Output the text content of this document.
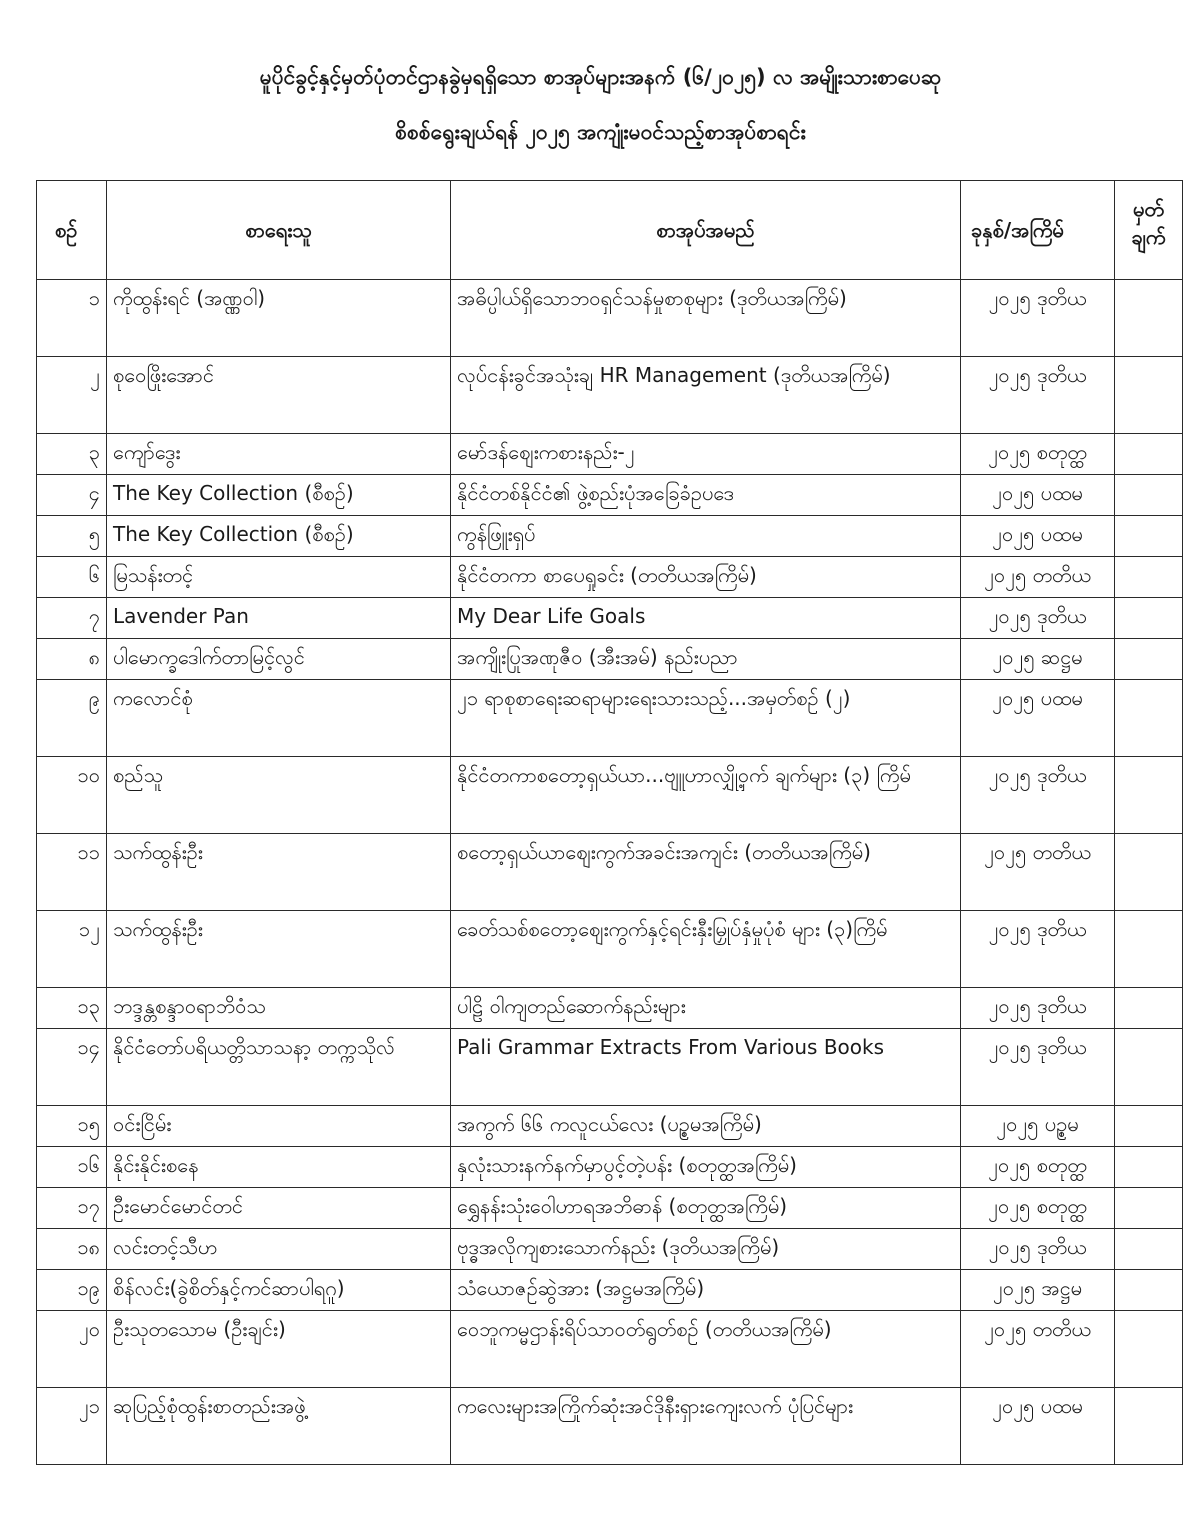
မူပိုင်ခွင့်နှင့်မှတ်ပုံတင်ဌာနခွဲမှရရှိသော စာအုပ်များအနက် (၆/၂၀၂၅) လ အမျိုးသားစာပေဆု
စိစစ်ရွေးချယ်ရန် ၂၀၂၅ အကျုံးမဝင်သည့်စာအုပ်စာရင်း
စဉ်	စာရေးသူ	စာအုပ်အမည်	ခုနှစ်/အကြိမ်	မှတ် ချက်
၁	ကိုထွန်းရင် (အဏ္ဏဝါ)	အဓိပ္ပါယ်ရှိသောဘဝရှင်သန်မှုစာစုများ (ဒုတိယအကြိမ်)	၂၀၂၅ ဒုတိယ	
၂	စုဝေဖြိုးအောင်	လုပ်ငန်းခွင်အသုံးချ HR Management (ဒုတိယအကြိမ်)	၂၀၂၅ ဒုတိယ	
၃	ကျော်ဒွေး	မော်ဒန်စျေးကစားနည်း-၂	၂၀၂၅ စတုတ္ထ	
၄	The Key Collection (စီစဉ်)	နိုင်ငံတစ်နိုင်ငံ၏ ဖွဲ့စည်းပုံအခြေခံဥပဒေ	၂၀၂၅ ပထမ	
၅	The Key Collection (စီစဉ်)	ကွန်ဖြူးရှပ်	၂၀၂၅ ပထမ	
၆	မြသန်းတင့်	နိုင်ငံတကာ စာပေရှုခင်း (တတိယအကြိမ်)	၂၀၂၅ တတိယ	
၇	Lavender Pan	My Dear Life Goals	၂၀၂၅ ဒုတိယ	
၈	ပါမောက္ခဒေါက်တာမြင့်လွင်	အကျိုးပြုအဏုဇီဝ (အီးအမ်) နည်းပညာ	၂၀၂၅ ဆဋ္ဌမ	
၉	ကလောင်စုံ	၂၁ ရာစုစာရေးဆရာများရေးသားသည့်...အမှတ်စဉ် (၂)	၂၀၂၅ ပထမ	
၁၀	စည်သူ	နိုင်ငံတကာစတော့ရှယ်ယာ...ဗျူဟာလျှို့ဝှက် ချက်များ (၃) ကြိမ်	၂၀၂၅ ဒုတိယ	
၁၁	သက်ထွန်းဦး	စတော့ရှယ်ယာစျေးကွက်အခင်းအကျင်း (တတိယအကြိမ်)	၂၀၂၅ တတိယ	
၁၂	သက်ထွန်းဦး	ခေတ်သစ်စတော့စျေးကွက်နှင့်ရင်းနှီးမြှုပ်နှံမှုပုံစံ များ (၃)ကြိမ်	၂၀၂၅ ဒုတိယ	
၁၃	ဘဒ္ဒန္တစန္ဒာဝရာဘိဝံသ	ပါဠိ ဝါကျတည်ဆောက်နည်းများ	၂၀၂၅ ဒုတိယ	
၁၄	နိုင်ငံတော်ပရိယတ္တိသာသနာ့ တက္ကသိုလ်	Pali Grammar Extracts From Various Books	၂၀၂၅ ဒုတိယ	
၁၅	ဝင်းငြိမ်း	အကွက် ၆၆ ကလူငယ်လေး (ပဉ္စမအကြိမ်)	၂၀၂၅ ပဉ္စမ	
၁၆	နိုင်းနိုင်းစနေ	နှလုံးသားနက်နက်မှာပွင့်တဲ့ပန်း (စတုတ္ထအကြိမ်)	၂၀၂၅ စတုတ္ထ	
၁၇	ဦးမောင်မောင်တင်	ရွှေနန်းသုံးဝေါဟာရအဘိဓာန် (စတုတ္ထအကြိမ်)	၂၀၂၅ စတုတ္ထ	
၁၈	လင်းတင့်သီဟ	ဗုဒ္ဓအလိုကျစားသောက်နည်း (ဒုတိယအကြိမ်)	၂၀၂၅ ဒုတိယ	
၁၉	စိန်လင်း(ခွဲစိတ်နှင့်ကင်ဆာပါရဂူ)	သံယောဇဉ်ဆွဲအား (အဋ္ဌမအကြိမ်)	၂၀၂၅ အဋ္ဌမ	
၂၀	ဦးသုတသောမ (ဦးချင်း)	ဝေဘူကမ္မဌာန်းရိပ်သာဝတ်ရွတ်စဉ် (တတိယအကြိမ်)	၂၀၂၅ တတိယ	
၂၁	ဆုပြည့်စုံထွန်းစာတည်းအဖွဲ့	ကလေးများအကြိုက်ဆုံးအင်ဒိုနီးရှားကျေးလက် ပုံပြင်များ	၂၀၂၅ ပထမ	
